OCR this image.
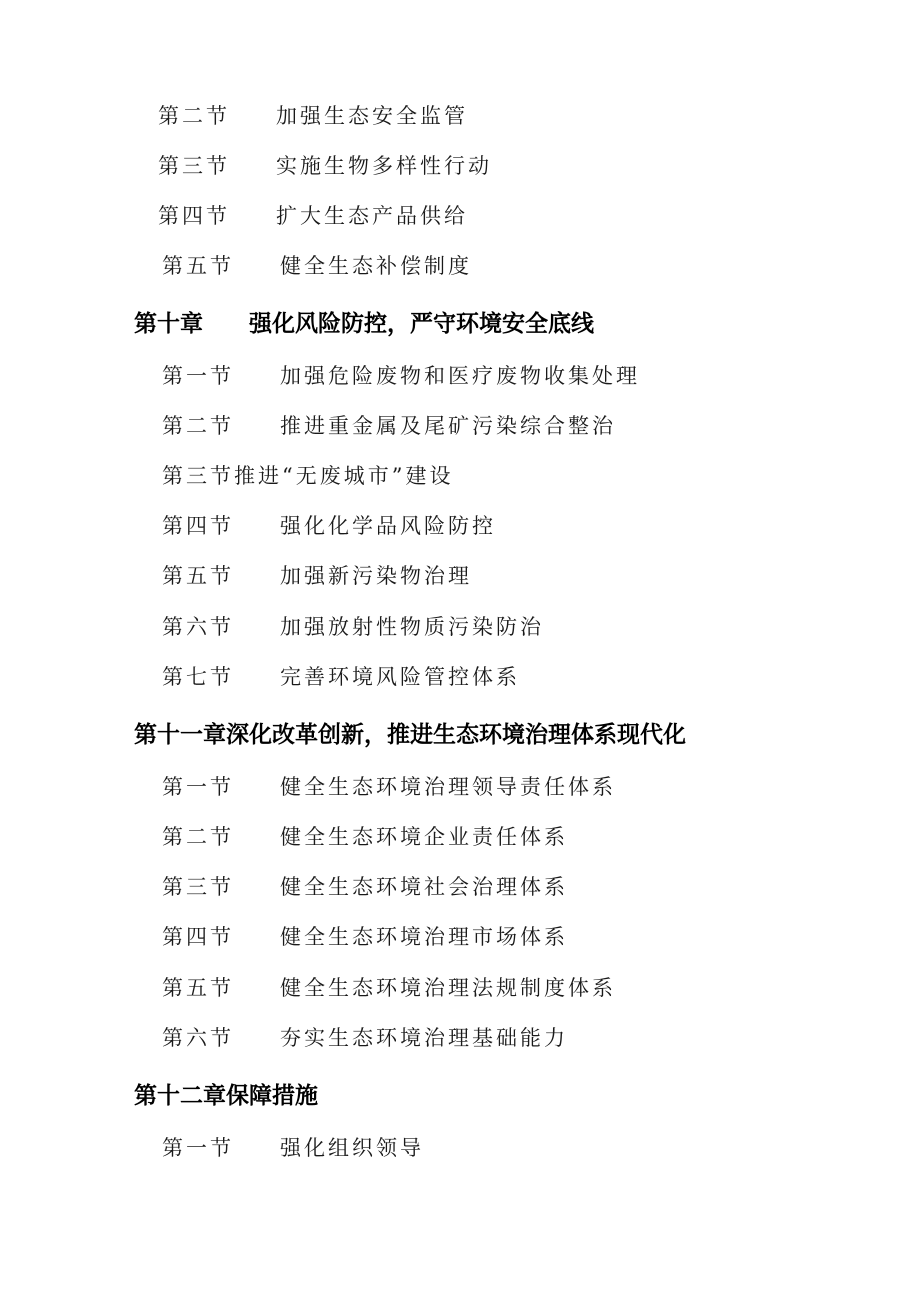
第二节 加强生态安全监管
第三节 实施生物多样性行动
第四节 扩大生态产品供给
第五节 健全生态补偿制度
第十章 强化风险防控，严守环境安全底线
第一节 加强危险废物和医疗废物收集处理
第二节 推进重金属及尾矿污染综合整治
第三节推进“无废城市”建设
第四节 强化化学品风险防控
第五节 加强新污染物治理
第六节 加强放射性物质污染防治
第七节 完善环境风险管控体系
第十一章深化改革创新，推进生态环境治理体系现代化
第一节 健全生态环境治理领导责任体系
第二节 健全生态环境企业责任体系
第三节 健全生态环境社会治理体系
第四节 健全生态环境治理市场体系
第五节 健全生态环境治理法规制度体系
第六节 夯实生态环境治理基础能力
第十二章保障措施
第一节 强化组织领导
